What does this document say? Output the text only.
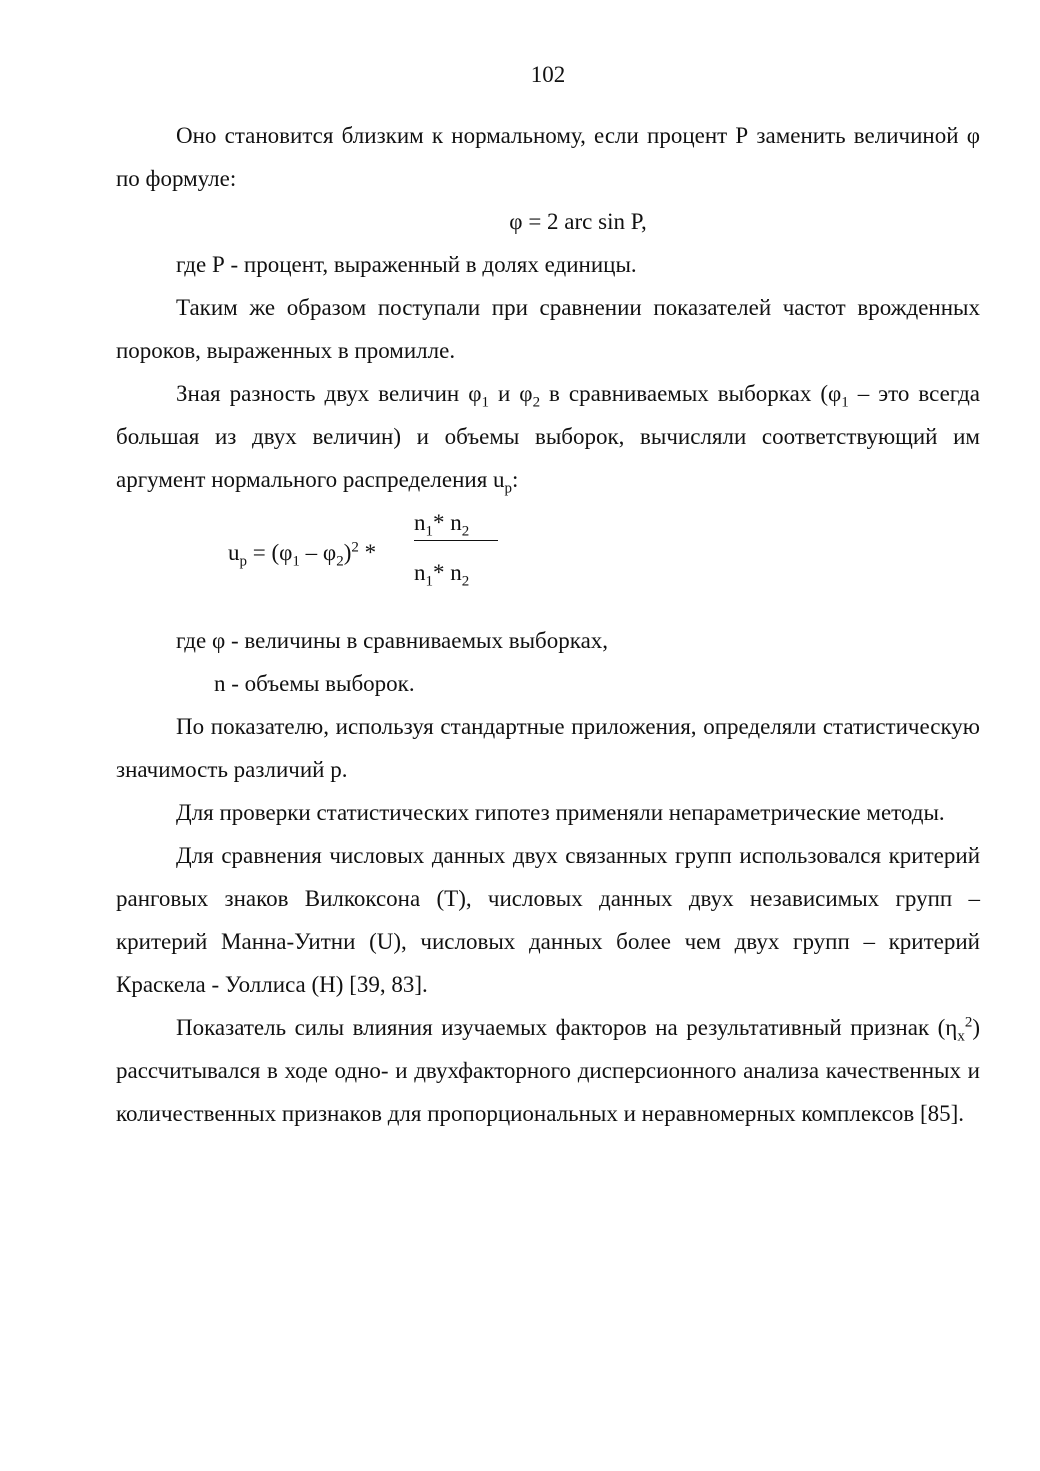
102

Оно становится близким к нормальному, если процент Р заменить величиной φ по формуле:

φ = 2 arc sin P,

где Р - процент, выраженный в долях единицы.

Таким же образом поступали при сравнении показателей частот врожденных пороков, выраженных в промилле.

Зная разность двух величин $\varphi_1$ и $\varphi_2$ в сравниваемых выборках ($\varphi_1$ – это всегда большая из двух величин) и объемы выборок, вычисляли соответствующий им аргумент нормального распределения $u_p$:

$u_p = (\varphi_1 - \varphi_2)^2$ *
$n_1*$ $n_2$
$n_1*$ $n_2$

где φ - величины в сравниваемых выборках,

n - объемы выборок.

По показателю, используя стандартные приложения, определяли статистическую значимость различий р.

Для проверки статистических гипотез применяли непараметрические методы.

Для сравнения числовых данных двух связанных групп использовался критерий ранговых знаков Вилкоксона (Т), числовых данных двух независимых групп – критерий Манна-Уитни (U), числовых данных более чем двух групп – критерий Краскела - Уоллиса (H) [39, 83].

Показатель силы влияния изучаемых факторов на результативный признак $(\eta_x^2)$ рассчитывался в ходе одно- и двухфакторного дисперсионного анализа качественных и количественных признаков для пропорциональных и неравномерных комплексов [85].
